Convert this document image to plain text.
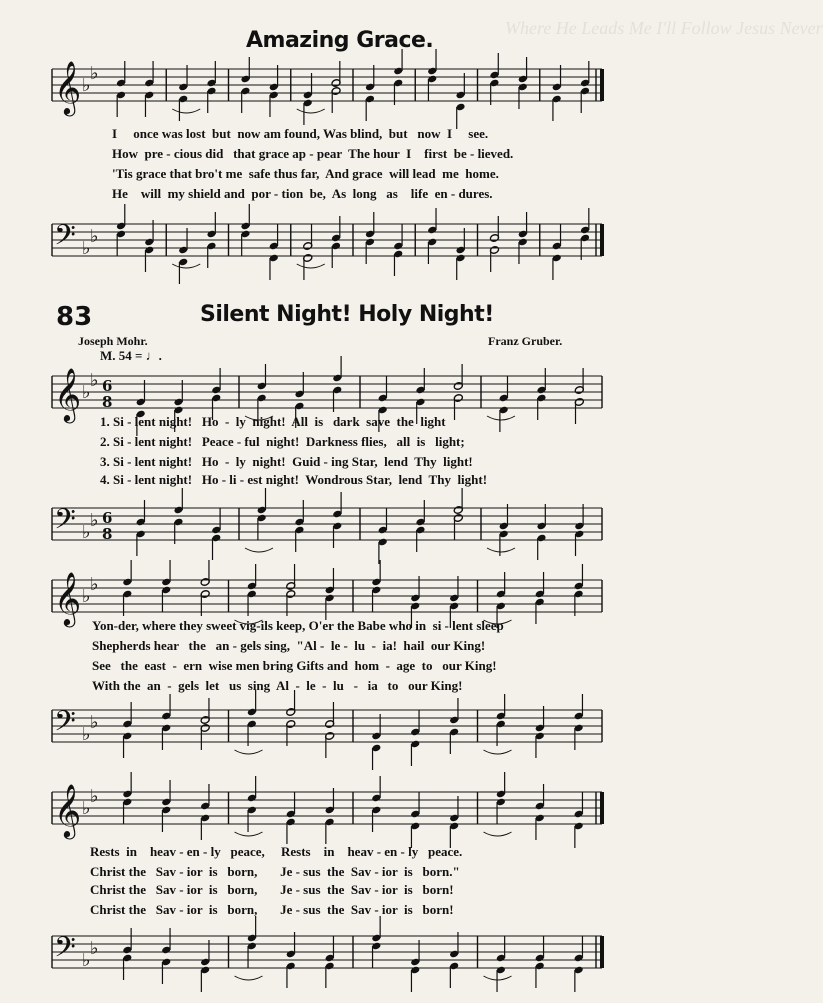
Where He Leads Me I'll Follow Jesus Never
Amazing Grace.
𝄞 ♭
♭
I     once was lost  but  now am found, Was blind,  but   now  I     see.
How  pre - cious did   that grace ap - pear  The hour  I    first  be - lieved.
'Tis grace that bro't me  safe thus far,  And grace  will lead  me  home.
He    will  my shield and  por - tion  be,  As  long   as    life  en - dures.
𝄢 ♭
♭
83	Silent Night! Holy Night!
Joseph Mohr.	Franz Gruber.
M. 54 = ♩.
𝄞 ♭
♭ 6
8
1. Si - lent night!   Ho  -  ly  night!  All  is   dark  save  the  light
2. Si - lent night!   Peace - ful  night!  Darkness flies,   all  is   light;
3. Si - lent night!   Ho  -  ly  night!  Guid - ing Star,  lend  Thy  light!
4. Si - lent night!   Ho - li - est night!  Wondrous Star,  lend  Thy  light!
𝄢 ♭
♭ 6
8
𝄞 ♭
♭
Yon-der, where they sweet vig-ils keep, O'er the Babe who in  si - lent sleep
Shepherds hear   the   an - gels sing,  "Al -  le -  lu  -  ia!  hail  our King!
See   the  east  -  ern  wise men bring Gifts and  hom  -  age  to   our King!
With the  an  -  gels  let   us  sing  Al  -  le  -  lu   -   ia   to   our King!
𝄢 ♭
♭
𝄞 ♭
♭
Rests  in    heav - en - ly   peace,     Rests    in    heav - en - ly   peace.
Christ the   Sav - ior  is   born,       Je - sus  the  Sav - ior  is   born."
Christ the   Sav - ior  is   born,       Je - sus  the  Sav - ior  is   born!
Christ the   Sav - ior  is   born,       Je - sus  the  Sav - ior  is   born!
𝄢 ♭
♭
